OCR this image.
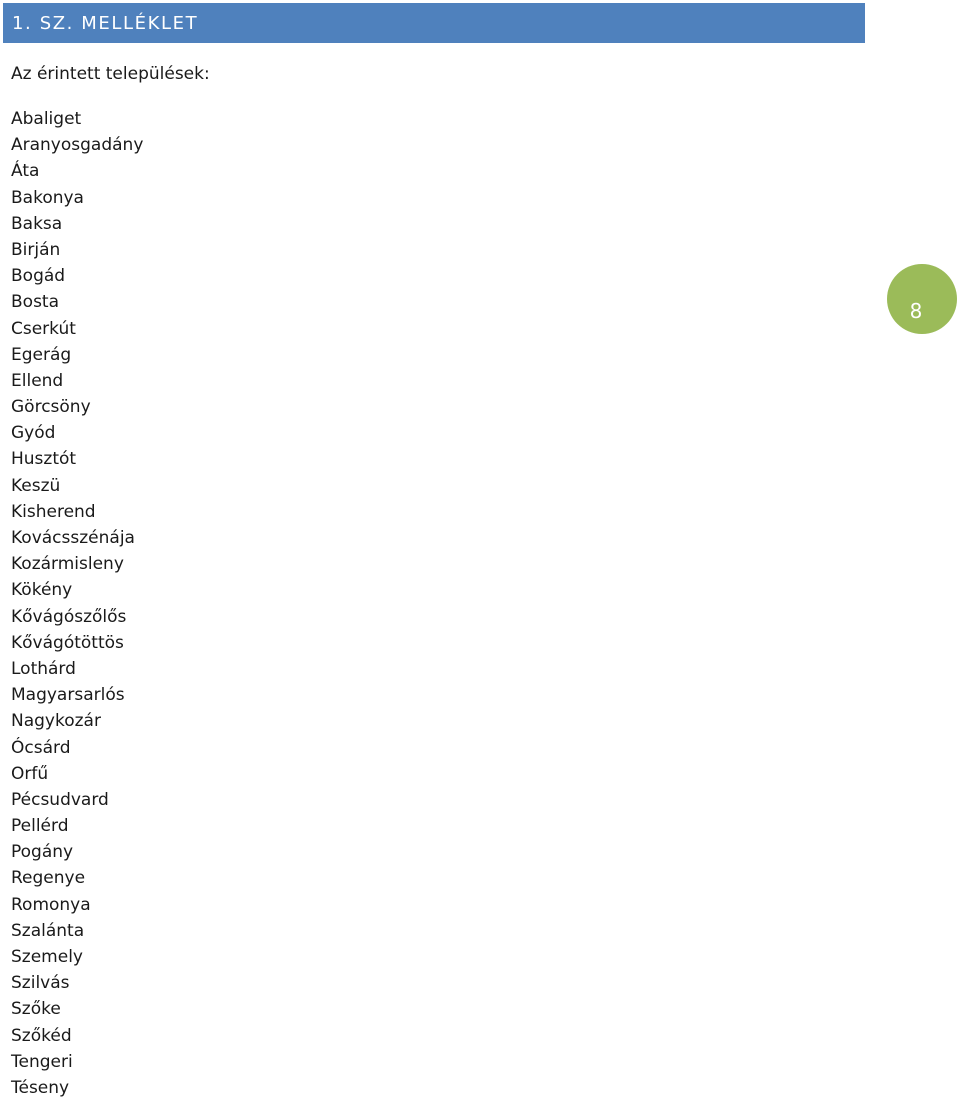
1. SZ. MELLÉKLET
Az érintett települések:
Abaliget
Aranyosgadány
Áta
Bakonya
Baksa
Birján
Bogád
Bosta
Cserkút
Egerág
Ellend
Görcsöny
Gyód
Husztót
Keszü
Kisherend
Kovácsszénája
Kozármisleny
Kökény
Kővágószőlős
Kővágótöttös
Lothárd
Magyarsarlós
Nagykozár
Ócsárd
Orfű
Pécsudvard
Pellérd
Pogány
Regenye
Romonya
Szalánta
Szemely
Szilvás
Szőke
Szőkéd
Tengeri
Téseny
8
